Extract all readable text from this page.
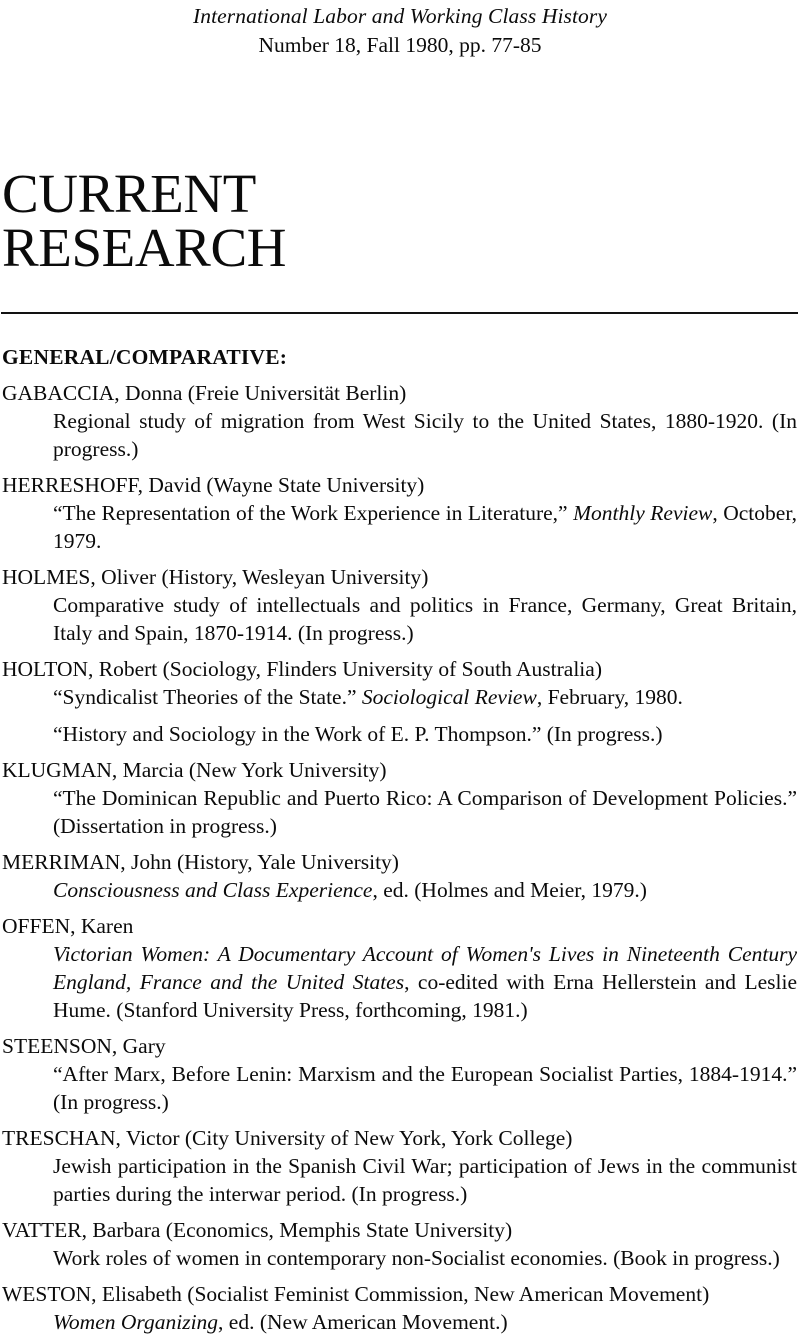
International Labor and Working Class History
Number 18, Fall 1980, pp. 77-85
CURRENT
RESEARCH
GENERAL/COMPARATIVE:
GABACCIA, Donna (Freie Universität Berlin)
Regional study of migration from West Sicily to the United States, 1880-1920. (In progress.)
HERRESHOFF, David (Wayne State University)
“The Representation of the Work Experience in Literature,” Monthly Review, October, 1979.
HOLMES, Oliver (History, Wesleyan University)
Comparative study of intellectuals and politics in France, Germany, Great Britain, Italy and Spain, 1870-1914. (In progress.)
HOLTON, Robert (Sociology, Flinders University of South Australia)
“Syndicalist Theories of the State.” Sociological Review, February, 1980.
“History and Sociology in the Work of E. P. Thompson.” (In progress.)
KLUGMAN, Marcia (New York University)
“The Dominican Republic and Puerto Rico: A Comparison of Development Policies.” (Dissertation in progress.)
MERRIMAN, John (History, Yale University)
Consciousness and Class Experience, ed. (Holmes and Meier, 1979.)
OFFEN, Karen
Victorian Women: A Documentary Account of Women's Lives in Nineteenth Century England, France and the United States, co-edited with Erna Hellerstein and Leslie Hume. (Stanford University Press, forthcoming, 1981.)
STEENSON, Gary
“After Marx, Before Lenin: Marxism and the European Socialist Parties, 1884-1914.” (In progress.)
TRESCHAN, Victor (City University of New York, York College)
Jewish participation in the Spanish Civil War; participation of Jews in the communist parties during the interwar period. (In progress.)
VATTER, Barbara (Economics, Memphis State University)
Work roles of women in contemporary non-Socialist economies. (Book in progress.)
WESTON, Elisabeth (Socialist Feminist Commission, New American Movement)
Women Organizing, ed. (New American Movement.)
